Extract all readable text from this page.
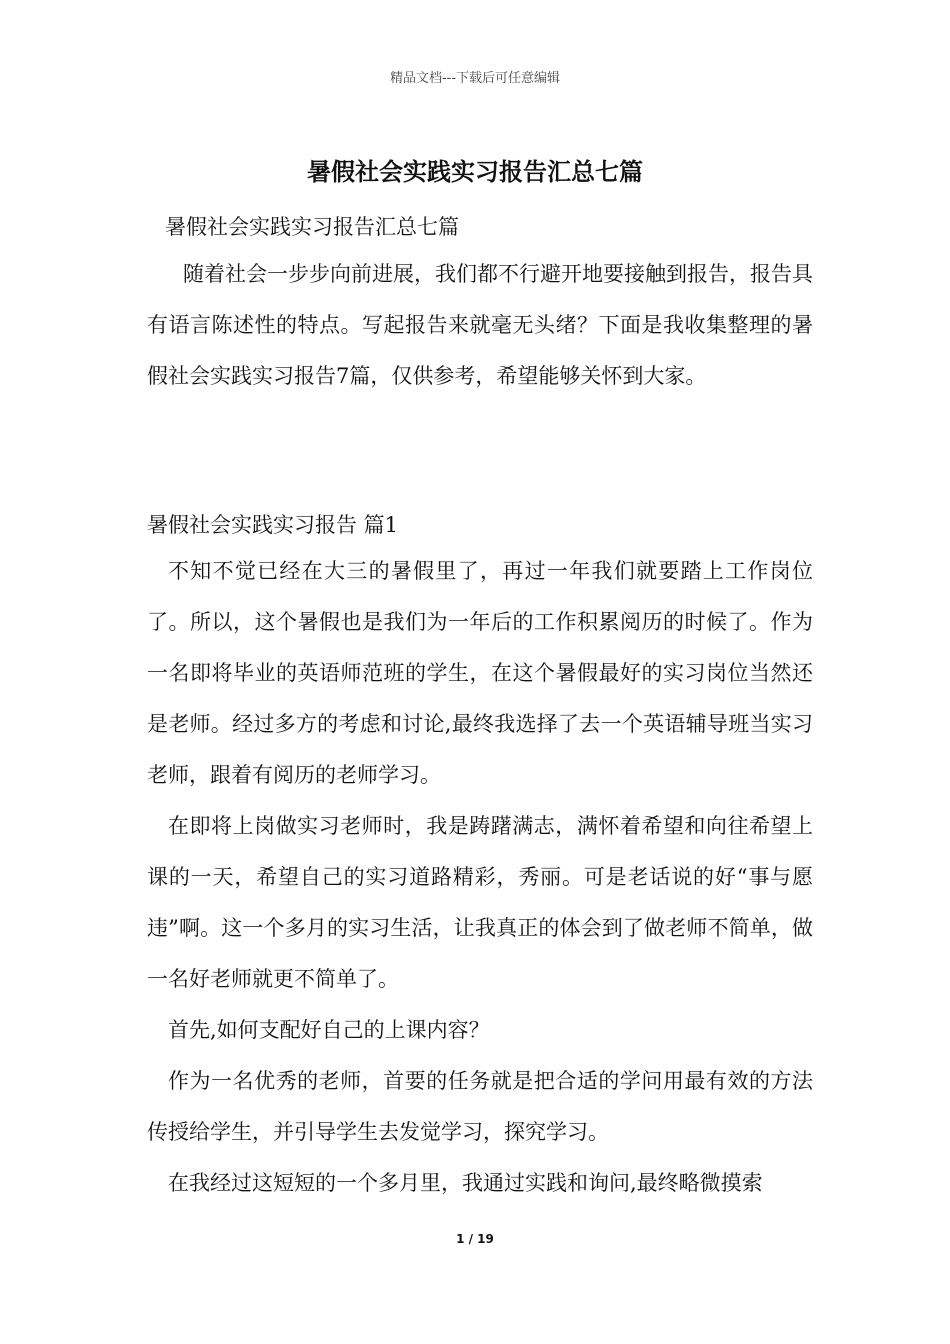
精品文档---下载后可任意编辑
暑假社会实践实习报告汇总七篇
暑假社会实践实习报告汇总七篇
随着社会一步步向前进展，我们都不行避开地要接触到报告，报告具有语言陈述性的特点。写起报告来就毫无头绪？下面是我收集整理的暑假社会实践实习报告7篇，仅供参考，希望能够关怀到大家。
暑假社会实践实习报告 篇1

不知不觉已经在大三的暑假里了，再过一年我们就要踏上工作岗位了。所以，这个暑假也是我们为一年后的工作积累阅历的时候了。作为一名即将毕业的英语师范班的学生，在这个暑假最好的实习岗位当然还是老师。经过多方的考虑和讨论,最终我选择了去一个英语辅导班当实习老师，跟着有阅历的老师学习。

在即将上岗做实习老师时，我是踌躇满志，满怀着希望和向往希望上课的一天，希望自己的实习道路精彩，秀丽。可是老话说的好“事与愿违”啊。这一个多月的实习生活，让我真正的体会到了做老师不简单，做一名好老师就更不简单了。

首先,如何支配好自己的上课内容？

作为一名优秀的老师，首要的任务就是把合适的学问用最有效的方法传授给学生，并引导学生去发觉学习，探究学习。

在我经过这短短的一个多月里，我通过实践和询问,最终略微摸索

1 / 19
